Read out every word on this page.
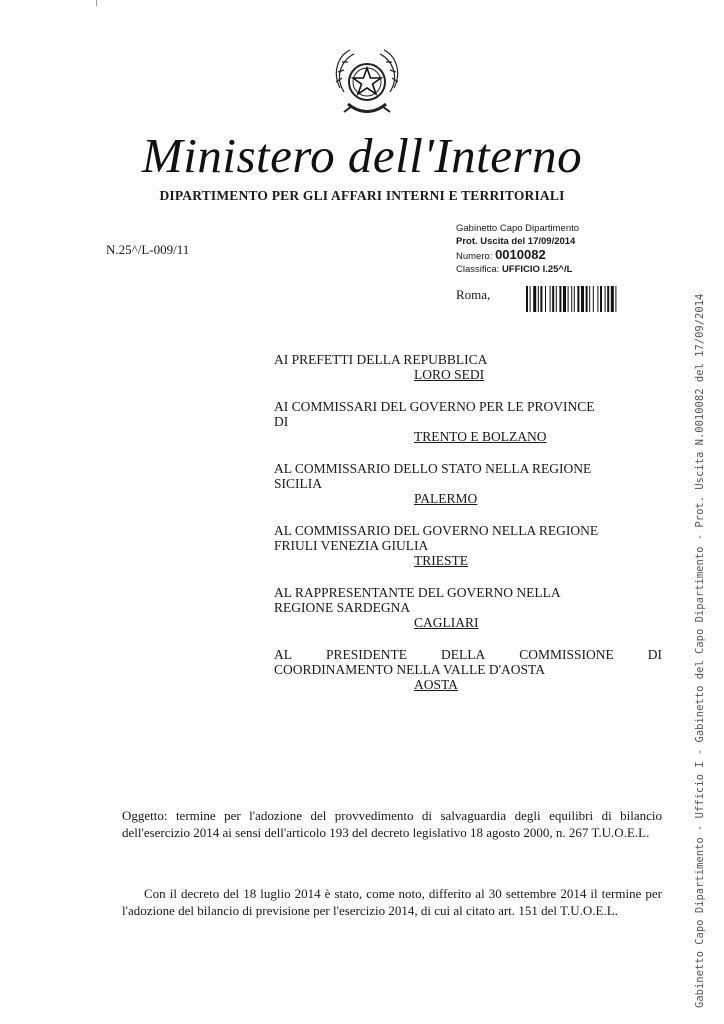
Ministero dell'Interno
DIPARTIMENTO PER GLI AFFARI INTERNI E TERRITORIALI
N.25^/L-009/11
Gabinetto Capo Dipartimento
Prot. Uscita del 17/09/2014
Numero: 0010082
Classifica: UFFICIO I.25^/L
Roma,
AI PREFETTI DELLA REPUBBLICA
LORO SEDI
AI COMMISSARI DEL GOVERNO PER LE PROVINCE
DI
TRENTO E BOLZANO
AL COMMISSARIO DELLO STATO NELLA REGIONE
SICILIA
PALERMO
AL COMMISSARIO DEL GOVERNO NELLA REGIONE
FRIULI VENEZIA GIULIA
TRIESTE
AL RAPPRESENTANTE DEL GOVERNO NELLA
REGIONE SARDEGNA
CAGLIARI
AL	PRESIDENTE	DELLA	COMMISSIONE	DI
COORDINAMENTO NELLA VALLE D'AOSTA
AOSTA
Oggetto: termine per l'adozione del provvedimento di salvaguardia degli equilibri di bilancio dell'esercizio 2014 ai sensi dell'articolo 193 del decreto legislativo 18 agosto 2000, n. 267 T.U.O.E.L.

Con il decreto del 18 luglio 2014 è stato, come noto, differito al 30 settembre 2014 il termine per l'adozione del bilancio di previsione per l'esercizio 2014, di cui al citato art. 151 del T.U.O.E.L.	Gabinetto Capo Dipartimento - Ufficio I - Gabinetto del Capo Dipartimento - Prot. Uscita N.0010082 del 17/09/2014
